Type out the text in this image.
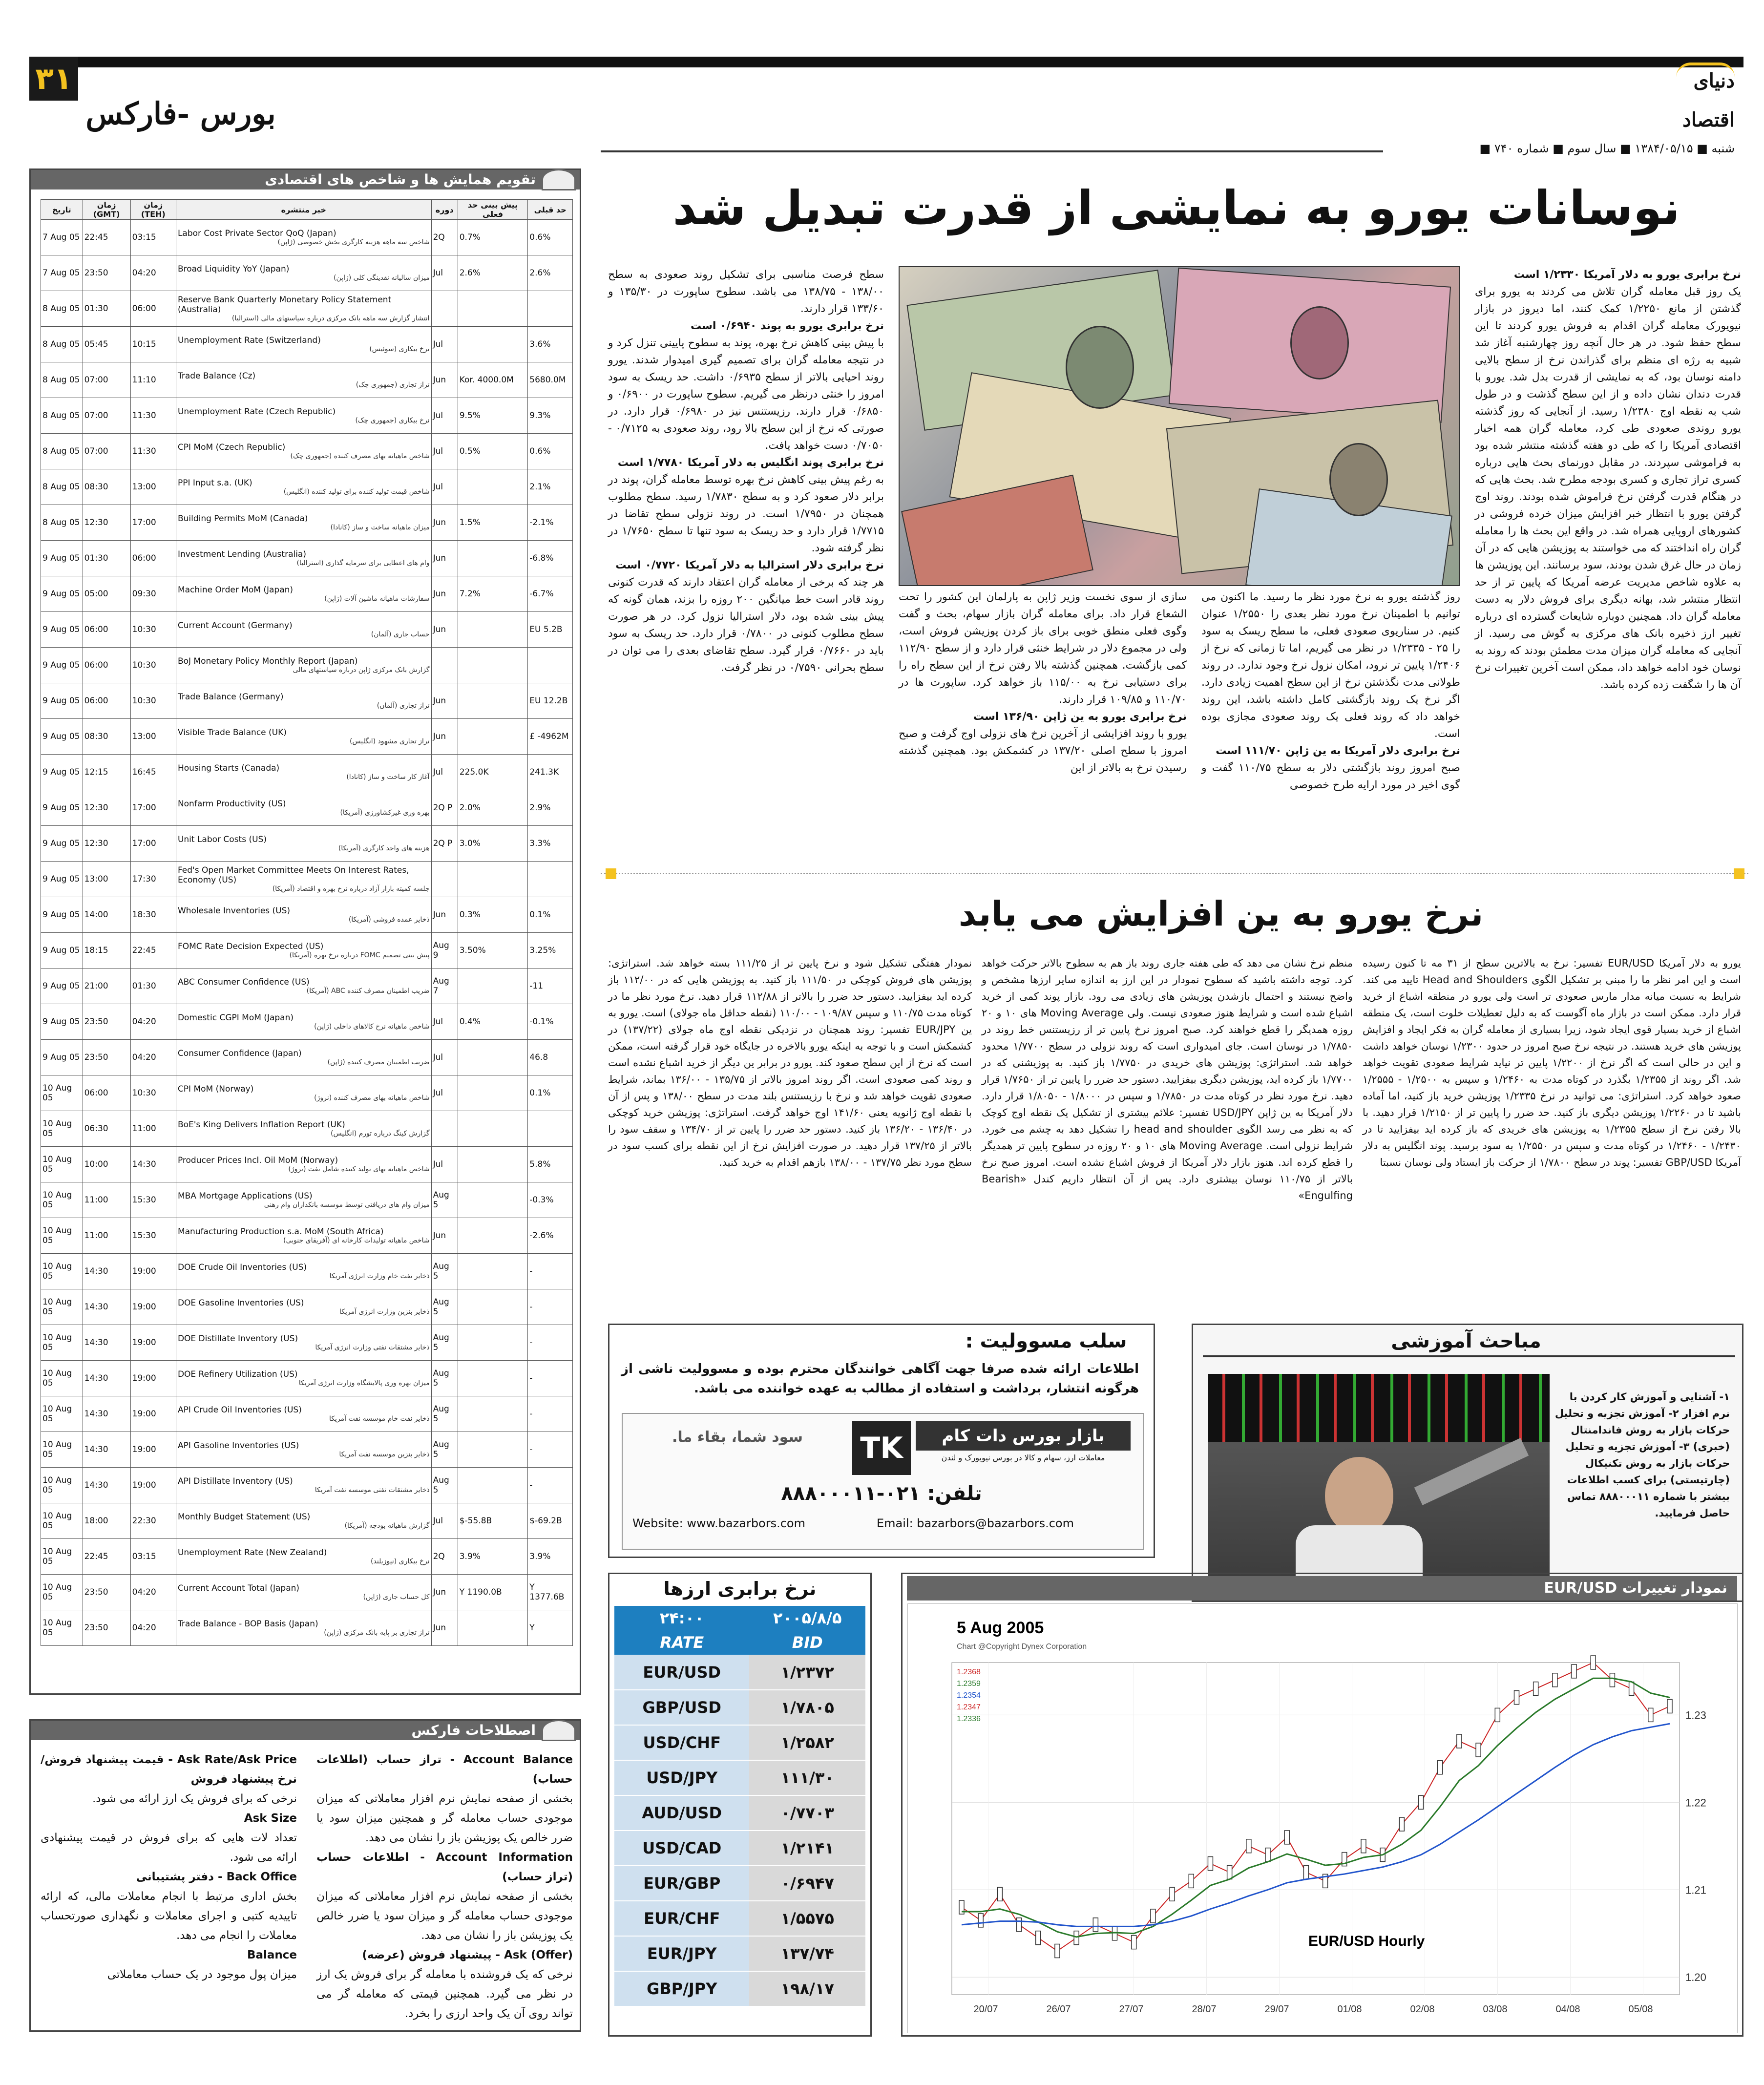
۳۱
بورس -فارکس
دنیای اقتصاد
شنبه ■ ۱۳۸۴/۰۵/۱۵ ■ سال سوم ■ شماره ۷۴۰ ■
تقویم همایش ها و شاخص های اقتصادی
تاریخ	زمان (GMT)	زمان (TEH)	خبر منتشره	دوره	پیش بینی حد فعلی	حد قبلی
7 Aug 05	22:45	03:15	Labor Cost Private Sector QoQ (Japan)
شاخص سه ماهه هزینه کارگری بخش خصوصی (ژاپن)	2Q	0.7%	0.6%
7 Aug 05	23:50	04:20	Broad Liquidity YoY (Japan)
میزان سالیانه نقدینگی کلی (ژاپن)	Jul	2.6%	2.6%
8 Aug 05	01:30	06:00	Reserve Bank Quarterly Monetary Policy Statement (Australia)
انتشار گزارش سه ماهه بانک مرکزی درباره سیاستهای مالی (استرالیا)			

8 Aug 05	05:45	10:15	Unemployment Rate (Switzerland)
نرخ بیکاری (سوئیس)	Jul		3.6%
8 Aug 05	07:00	11:10	Trade Balance (Cz)
تراز تجاری (جمهوری چک)	Jun	Kor. 4000.0M	5680.0M
8 Aug 05	07:00	11:30	Unemployment Rate (Czech Republic)
نرخ بیکاری (جمهوری چک)	Jul	9.5%	9.3%
8 Aug 05	07:00	11:30	CPI MoM (Czech Republic)
شاخص ماهیانه بهای مصرف کننده (جمهوری چک)	Jul	0.5%	0.6%
8 Aug 05	08:30	13:00	PPI Input s.a. (UK)
شاخص قیمت تولید کننده برای تولید کننده (انگلیس)	Jul		2.1%
8 Aug 05	12:30	17:00	Building Permits MoM (Canada)
میزان ماهیانه ساخت و ساز (کانادا)	Jun	1.5%	-2.1%
9 Aug 05	01:30	06:00	Investment Lending (Australia)
وام های اعطایی برای سرمایه گذاری (استرالیا)	Jun		-6.8%
9 Aug 05	05:00	09:30	Machine Order MoM (Japan)
سفارشات ماهیانه ماشین آلات (ژاپن)	Jun	7.2%	-6.7%
9 Aug 05	06:00	10:30	Current Account (Germany)
حساب جاری (آلمان)	Jun		EU 5.2B
9 Aug 05	06:00	10:30	BoJ Monetary Policy Monthly Report (Japan)
گزارش بانک مرکزی ژاپن درباره سیاستهای مالی			

9 Aug 05	06:00	10:30	Trade Balance (Germany)
تراز تجاری (آلمان)	Jun		EU 12.2B
9 Aug 05	08:30	13:00	Visible Trade Balance (UK)
تراز تجاری مشهود (انگلیس)	Jun		£ -4962M
9 Aug 05	12:15	16:45	Housing Starts (Canada)
آغاز کار ساخت و ساز (کانادا)	Jul	225.0K	241.3K
9 Aug 05	12:30	17:00	Nonfarm Productivity (US)
بهره وری غیرکشاورزی (آمریکا)	2Q P	2.0%	2.9%
9 Aug 05	12:30	17:00	Unit Labor Costs (US)
هزینه های واحد کارگری (آمریکا)	2Q P	3.0%	3.3%
9 Aug 05	13:00	17:30	Fed's Open Market Committee Meets On Interest Rates, Economy (US)
جلسه کمیته بازار آزاد درباره نرخ بهره و اقتصاد (آمریکا)			

9 Aug 05	14:00	18:30	Wholesale Inventories (US)
ذخایر عمده فروشی (آمریکا)	Jun	0.3%	0.1%
9 Aug 05	18:15	22:45	FOMC Rate Decision Expected (US)
پیش بینی تصمیم FOMC درباره نرخ بهره (آمریکا)	Aug 9	3.50%	3.25%
9 Aug 05	21:00	01:30	ABC Consumer Confidence (US)
ضریب اطمینان مصرف کننده ABC (آمریکا)	Aug 7		-11
9 Aug 05	23:50	04:20	Domestic CGPI MoM (Japan)
شاخص ماهیانه نرخ کالاهای داخلی (ژاپن)	Jul	0.4%	-0.1%
9 Aug 05	23:50	04:20	Consumer Confidence (Japan)
ضریب اطمینان مصرف کننده (ژاپن)	Jul		46.8
10 Aug 05	06:00	10:30	CPI MoM (Norway)
شاخص ماهیانه بهای مصرف کننده (نروژ)	Jul		0.1%
10 Aug 05	06:30	11:00	BoE's King Delivers Inflation Report (UK)
گزارش کینگ درباره تورم (انگلیس)			

10 Aug 05	10:00	14:30	Producer Prices Incl. Oil MoM (Norway)
شاخص ماهیانه بهای تولید کننده شامل نفت (نروژ)	Jul		5.8%
10 Aug 05	11:00	15:30	MBA Mortgage Applications (US)
میزان وام های دریافتی توسط موسسه بانکداران وام رهنی	Aug 5		-0.3%
10 Aug 05	11:00	15:30	Manufacturing Production s.a. MoM (South Africa)
شاخص ماهیانه تولیدات کارخانه ای (آفریقای جنوبی)	Jun		-2.6%
10 Aug 05	14:30	19:00	DOE Crude Oil Inventories (US)
ذخایر نفت خام وزارت انرژی آمریکا	Aug 5		-
10 Aug 05	14:30	19:00	DOE Gasoline Inventories (US)
ذخایر بنزین وزارت انرژی آمریکا	Aug 5		-
10 Aug 05	14:30	19:00	DOE Distillate Inventory (US)
ذخایر مشتقات نفتی وزارت انرژی آمریکا	Aug 5		-
10 Aug 05	14:30	19:00	DOE Refinery Utilization (US)
میزان بهره وری پالایشگاه وزارت انرژی آمریکا	Aug 5		-
10 Aug 05	14:30	19:00	API Crude Oil Inventories (US)
ذخایر نفت خام موسسه نفت آمریکا	Aug 5		-
10 Aug 05	14:30	19:00	API Gasoline Inventories (US)
ذخایر بنزین موسسه نفت آمریکا	Aug 5		-
10 Aug 05	14:30	19:00	API Distillate Inventory (US)
ذخایر مشتقات نفتی موسسه نفت آمریکا	Aug 5		-
10 Aug 05	18:00	22:30	Monthly Budget Statement (US)
گزارش ماهیانه بودجه (آمریکا)	Jul	$-55.8B	$-69.2B
10 Aug 05	22:45	03:15	Unemployment Rate (New Zealand)
نرخ بیکاری (نیوزیلند)	2Q	3.9%	3.9%
10 Aug 05	23:50	04:20	Current Account Total (Japan)
کل حساب جاری (ژاپن)	Jun	Y 1190.0B	Y 1377.6B
10 Aug 05	23:50	04:20	Trade Balance - BOP Basis (Japan)
تراز تجاری بر پایه بانک مرکزی (ژاپن)	Jun		Y
اصطلاحات فارکس
Account Balance - تراز حساب (اطلاعات حساب)
بخشی از صفحه نمایش نرم افزار معاملاتی که میزان موجودی حساب معامله گر و همچنین میزان سود یا ضرر خالص یک پوزیشن باز را نشان می دهد.
Account Information - اطلاعات حساب (تراز حساب)
بخشی از صفحه نمایش نرم افزار معاملاتی که میزان موجودی حساب معامله گر و میزان سود یا ضرر خالص یک پوزیشن باز را نشان می دهد.
Ask (Offer) - پیشنهاد فروش (عرضه)
نرخی که یک فروشنده با معامله گر برای فروش یک ارز در نظر می گیرد. همچنین قیمتی که معامله گر می تواند روی آن یک واحد ارزی را بخرد.
Ask Rate/Ask Price - قیمت پیشنهاد فروش/نرخ پیشنهاد فروش
نرخی که برای فروش یک ارز ارائه می شود.
Ask Size
تعداد لات هایی که برای فروش در قیمت پیشنهادی ارائه می شود.
Back Office - دفتر پشتیبانی
بخش اداری مرتبط با انجام معاملات مالی، که ارائه تاییدیه کتبی و اجرای معاملات و نگهداری صورتحساب معاملات را انجام می دهد.
Balance
میزان پول موجود در یک حساب معاملاتی
نوسانات یورو به نمایشی از قدرت تبدیل شد
نرخ برابری یورو به دلار آمریکا ۱/۲۳۳۰ است
یک روز قبل معامله گران تلاش می کردند به یورو برای گذشتن از مانع ۱/۲۲۵۰ کمک کنند، اما دیروز در بازار نیویورک معامله گران اقدام به فروش یورو کردند تا این سطح حفظ شود. در هر حال آنچه روز چهارشنبه آغاز شد شبیه به رژه ای منظم برای گذراندن نرخ از سطح بالایی دامنه نوسان بود، که به نمایشی از قدرت بدل شد. یورو با قدرت دندان نشان داده و از این سطح گذشت و در طول شب به نقطه اوج ۱/۲۳۸۰ رسید. از آنجایی که روز گذشته یورو روندی صعودی طی کرد، معامله گران همه اخبار اقتصادی آمریکا را که طی دو هفته گذشته منتشر شده بود به فراموشی سپردند. در مقابل دورنمای بحث هایی درباره کسری تراز تجاری و کسری بودجه مطرح شد. بحث هایی که در هنگام قدرت گرفتن نرخ فراموش شده بودند. روند اوج گرفتن یورو با انتظار خبر افزایش میزان خرده فروشی در کشورهای اروپایی همراه شد. در واقع این بحث ها را معامله گران راه انداختند که می خواستند به پوزیشن هایی که در آن زمان در حال غرق شدن بودند، سود برسانند. این پوزیشن ها به علاوه شاخص مدیریت عرضه آمریکا که پایین تر از حد انتظار منتشر شد، بهانه دیگری برای فروش دلار به دست معامله گران داد. همچنین دوباره شایعات گسترده ای درباره تغییر ارز ذخیره بانک های مرکزی به گوش می رسید. از آنجایی که معامله گران میزان مدت مطمئن بودند که روند به نوسان خود ادامه خواهد داد، ممکن است آخرین تغییرات نرخ آن ها را شگفت زده کرده باشد.
روز گذشته یورو به نرخ مورد نظر ما رسید. ما اکنون می توانیم با اطمینان نرخ مورد نظر بعدی را ۱/۲۵۵۰ عنوان کنیم. در سناریوی صعودی فعلی، ما سطح ریسک به سود را ۲۵ - ۱/۲۳۳۵ در نظر می گیریم، اما تا زمانی که نرخ از ۱/۲۴۰۶ پایین تر نرود، امکان نزول نرخ وجود ندارد. در روند طولانی مدت نگذشتن نرخ از این سطح اهمیت زیادی دارد. اگر نرخ یک روند بازگشتی کامل داشته باشد، این روند خواهد داد که روند فعلی یک روند صعودی مجازی بوده است.
نرخ برابری دلار آمریکا به ین ژاپن ۱۱۱/۷۰ است
صبح امروز روند بازگشتی دلار به سطح ۱۱۰/۷۵ گفت و گوی اخیر در مورد ارایه طرح خصوصی
سازی از سوی نخست وزیر ژاپن به پارلمان این کشور را تحت الشعاع قرار داد. برای معامله گران بازار سهام، بحث و گفت وگوی فعلی منطق خوبی برای باز کردن پوزیشن فروش است، ولی در مجموع دلار در شرایط خنثی قرار دارد و از سطح ۱۱۲/۹۰ کمی بازگشت. همچنین گذشته بالا رفتن نرخ از این سطح راه را برای دستیابی نرخ به ۱۱۵/۰۰ باز خواهد کرد. ساپورت ها در ۱۱۰/۷۰ و ۱۰۹/۸۵ قرار دارند.
نرخ برابری یورو به ین ژاپن ۱۳۶/۹۰ است
یورو با روند افزایشی از آخرین نرخ های نزولی اوج گرفت و صبح امروز با سطح اصلی ۱۳۷/۲۰ در کشمکش بود. همچنین گذشته رسیدن نرخ به بالاتر از این
سطح فرصت مناسبی برای تشکیل روند صعودی به سطح ۱۳۸/۰۰ - ۱۳۸/۷۵ می باشد. سطوح ساپورت در ۱۳۵/۳۰ و ۱۳۳/۶۰ قرار دارند.
نرخ برابری یورو به پوند ۰/۶۹۴۰ است
با پیش بینی کاهش نرخ بهره، پوند به سطوح پایینی تنزل کرد و در نتیجه معامله گران برای تصمیم گیری امیدوار شدند. یورو روند احیایی بالاتر از سطح ۰/۶۹۳۵ داشت. حد ریسک به سود امروز را خنثی درنظر می گیریم. سطوح ساپورت در ۰/۶۹۰۰ و ۰/۶۸۵۰ قرار دارند. رزیستنس نیز در ۰/۶۹۸۰ قرار دارد. در صورتی که نرخ از این سطح بالا رود، روند صعودی به ۰/۷۱۲۵ - ۰/۷۰۵۰ دست خواهد یافت.
نرخ برابری پوند انگلیس به دلار آمریکا ۱/۷۷۸۰ است
به رغم پیش بینی کاهش نرخ بهره توسط معامله گران، پوند در برابر دلار صعود کرد و به سطح ۱/۷۸۳۰ رسید. سطح مطلوب همچنان در ۱/۷۹۵۰ است. در روند نزولی سطح تقاضا در ۱/۷۷۱۵ قرار دارد و حد ریسک به سود تنها تا سطح ۱/۷۶۵۰ در نظر گرفته شود.
نرخ برابری دلار استرالیا به دلار آمریکا ۰/۷۷۲۰ است
هر چند که برخی از معامله گران اعتقاد دارند که قدرت کنونی روند قادر است خط میانگین ۲۰۰ روزه را بزند، همان گونه که پیش بینی شده بود، دلار استرالیا نزول کرد. در هر صورت سطح مطلوب کنونی در ۰/۷۸۰۰ قرار دارد. حد ریسک به سود باید در ۰/۷۶۶۰ قرار گیرد. سطح تقاضای بعدی را می توان در سطح بحرانی ۰/۷۵۹۰ در نظر گرفت.
نرخ یورو به ین افزایش می یابد
یورو به دلار آمریکا EUR/USD تفسیر: نرخ به بالاترین سطح از ۳۱ مه تا کنون رسیده است و این امر نظر ما را مبنی بر تشکیل الگوی Head and Shoulders تایید می کند. شرایط به نسبت میانه مدار مارس صعودی تر است ولی یورو در منطقه اشباع از خرید قرار دارد. ممکن است در بازار ماه آگوست که به دلیل تعطیلات خلوت است، یک منطقه اشباع از خرید بسیار قوی ایجاد شود، زیرا بسیاری از معامله گران به فکر ایجاد و افزایش پوزیشن های خرید هستند. در نتیجه نرخ صبح امروز در حدود ۱/۲۳۰۰ نوسان خواهد داشت و این در حالی است که اگر نرخ از ۱/۲۲۰۰ پایین تر نیاید شرایط صعودی تقویت خواهد شد. اگر روند از ۱/۲۳۵۵ بگذرد در کوتاه مدت به ۱/۲۴۶۰ و سپس به ۱/۲۵۰۰ - ۱/۲۵۵۵ صعود خواهد کرد. استراتژی: می توانید در نرخ ۱/۲۳۳۵ پوزیشن خرید باز کنید، اما آماده باشید تا در ۱/۲۲۶۰ پوزیشن دیگری باز کنید. حد ضرر را پایین تر از ۱/۲۱۵۰ قرار دهید. با بالا رفتن نرخ از سطح ۱/۲۳۵۵ به پوزیشن های خریدی که باز کرده اید بیفزایید تا در ۱/۲۴۳۰ - ۱/۲۴۶۰ در کوتاه مدت و سپس در ۱/۲۵۵۰ به سود برسید. پوند انگلیس به دلار آمریکا GBP/USD تفسیر: پوند در سطح ۱/۷۸۰۰ از حرکت باز ایستاد ولی نوسان نسبتا
منظم نرخ نشان می دهد که طی هفته جاری روند باز هم به سطوح بالاتر حرکت خواهد کرد. توجه داشته باشید که سطوح نمودار در این ارز به اندازه سایر ارزها مشخص و واضح نیستند و احتمال بازشدن پوزیشن های زیادی می رود. بازار پوند کمی از خرید اشباع شده است و شرایط هنوز صعودی نیست. ولی Moving Average های ۱۰ و ۲۰ روزه همدیگر را قطع خواهند کرد. صبح امروز نرخ پایین تر از رزیستنس خط روند در ۱/۷۸۵۰ در نوسان است. جای امیدواری است که روند نزولی در سطح ۱/۷۷۰۰ محدود خواهد شد. استراتژی: پوزیشن های خریدی در ۱/۷۷۵۰ باز کنید. به پوزیشنی که در ۱/۷۷۰۰ باز کرده اید، پوزیشن دیگری بیفزایید. دستور حد ضرر را پایین تر از ۱/۷۶۵۰ قرار دهید. نرخ مورد نظر در کوتاه مدت در ۱/۷۸۵۰ و سپس در ۱/۸۰۰۰ - ۱/۸۰۵۰ قرار دارد. دلار آمریکا به ین ژاپن USD/JPY تفسیر: علائم بیشتری از تشکیل یک نقطه اوج کوچک که به نظر می رسد الگوی head and shoulder را تشکیل دهد به چشم می خورد. شرایط نزولی است. Moving Average های ۱۰ و ۲۰ روزه در سطوح پایین تر همدیگر را قطع کرده اند. هنوز بازار دلار آمریکا از فروش اشباع نشده است. امروز صبح نرخ بالاتر از ۱۱۰/۷۵ نوسان بیشتری دارد. پس از آن انتظار داریم کندل «Bearish Engulfing»
نمودار هفتگی تشکیل شود و نرخ پایین تر از ۱۱۱/۲۵ بسته خواهد شد. استراتژی: پوزیشن های فروش کوچکی در ۱۱۱/۵۰ باز کنید. به پوزیشن هایی که در ۱۱۲/۰۰ باز کرده اید بیفزایید. دستور حد ضرر را بالاتر از ۱۱۲/۸۸ قرار دهید. نرخ مورد نظر ما در کوتاه مدت ۱۱۰/۷۵ و سپس ۱۰۹/۸۷ - ۱۱۰/۰۰ (نقطه حداقل ماه جولای) است. یورو به ین EUR/JPY تفسیر: روند همچنان در نزدیکی نقطه اوج ماه جولای (۱۳۷/۲۲) در کشمکش است و با توجه به اینکه یورو بالاخره در جایگاه خود قرار گرفته است، ممکن است که نرخ از این سطح صعود کند. یورو در برابر ین دیگر از خرید اشباع نشده است و روند کمی صعودی است. اگر روند امروز بالاتر از ۱۳۵/۷۵ - ۱۳۶/۰۰ بماند، شرایط صعودی تقویت خواهد شد و نرخ با رزیستنس بلند مدت در سطح ۱۳۸/۰۰ و پس از آن با نقطه اوج ژانویه یعنی ۱۴۱/۶۰ اوج خواهد گرفت. استراتژی: پوزیشن خرید کوچکی در ۱۳۶/۴۰ - ۱۳۶/۲۰ باز کنید. دستور حد ضرر را پایین تر از ۱۳۴/۷۰ و سقف سود را بالاتر از ۱۳۷/۲۵ قرار دهید. در صورت افزایش نرخ از این نقطه برای کسب سود در سطح مورد نظر ۱۳۷/۷۵ - ۱۳۸/۰۰ بازهم اقدام به خرید کنید.
سلب مسوولیت :
اطلاعات ارائه شده صرفا جهت آگاهی خوانندگان محترم بوده و مسوولیت ناشی از هرگونه انتشار، برداشت و استفاده از مطالب به عهده خواننده می باشد.
TK	بازار بورس دات کام
معاملات ارز، سهام و کالا در بورس نیویورک و لندن
سود شما، بقاء ما.
تلفن: ۰۲۱-۸۸۸۰۰۰۱۱
Website: www.bazarbors.com	Email: bazarbors@bazarbors.com
مباحث آموزشی
۱- آشنایی و آموزش کار کردن با نرم افزار ۲- آموزش تجزیه و تحلیل حرکات بازار به روش فاندامنتال (خبری) ۳- آموزش تجزیه و تحلیل حرکات بازار به روش تکنیکال (چارتیستی) برای کسب اطلاعات بیشتر با شماره ۸۸۸۰۰۰۱۱ تماس حاصل فرمایید.
نرخ برابری ارزها
۲۴:۰۰	۲۰۰۵/۸/۵
RATE	BID
EUR/USD	۱/۲۳۷۲
GBP/USD	۱/۷۸۰۵
USD/CHF	۱/۲۵۸۲
USD/JPY	۱۱۱/۳۰
AUD/USD	۰/۷۷۰۳
USD/CAD	۱/۲۱۴۱
EUR/GBP	۰/۶۹۴۷
EUR/CHF	۱/۵۵۷۵
EUR/JPY	۱۳۷/۷۴
GBP/JPY	۱۹۸/۱۷
نمودار تغییرات EUR/USD
1.23
1.22
1.21
1.20
20/07	26/07	27/07	28/07	29/07	01/08	02/08	03/08	04/08	05/08
5 Aug 2005
Chart @Copyright Dynex Corporation
1.2368
1.2359
1.2354
1.2347
1.2336
EUR/USD Hourly
